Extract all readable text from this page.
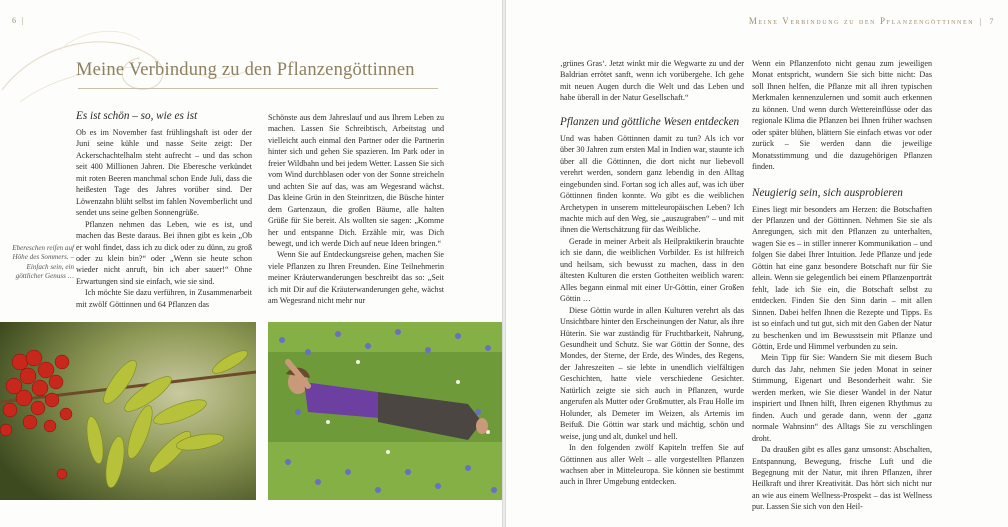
6  |
Meine Verbindung zu den Pflanzengöttinnen
Es ist schön – so, wie es ist

Ob es im November fast frühlingshaft ist oder der Juni seine kühle und nasse Seite zeigt: Der Ackerschachtelhalm steht aufrecht – und das schon seit 400 Millionen Jahren. Die Eberesche verkündet mit roten Beeren manchmal schon Ende Juli, dass die heißesten Tage des Jahres vorüber sind. Der Löwenzahn blüht selbst im fahlen Novemberlicht und sendet uns seine gelben Sonnengrüße.

Pflanzen nehmen das Leben, wie es ist, und machen das Beste daraus. Bei ihnen gibt es kein „Ob er wohl findet, dass ich zu dick oder zu dünn, zu groß oder zu klein bin?“ oder „Wenn sie heute schon wieder nicht anruft, bin ich aber sauer!“ Ohne Erwartungen sind sie einfach, wie sie sind.

Ich möchte Sie dazu verführen, in Zusammenarbeit mit zwölf Göttinnen und 64 Pflanzen das

Schönste aus dem Jahreslauf und aus Ihrem Leben zu machen. Lassen Sie Schreibtisch, Arbeitstag und vielleicht auch einmal den Partner oder die Partnerin hinter sich und gehen Sie spazieren. Im Park oder in freier Wildbahn und bei jedem Wetter. Lassen Sie sich vom Wind durchblasen oder von der Sonne streicheln und achten Sie auf das, was am Wegesrand wächst. Das kleine Grün in den Steinritzen, die Büsche hinter dem Gartenzaun, die großen Bäume, alle halten Grüße für Sie bereit. Als wollten sie sagen: „Komme her und entspanne Dich. Erzähle mir, was Dich bewegt, und ich werde Dich auf neue Ideen bringen.“

Wenn Sie auf Entdeckungsreise gehen, machen Sie viele Pflanzen zu Ihren Freunden. Eine Teilnehmerin meiner Kräuterwanderungen beschreibt das so: „Seit ich mit Dir auf die Kräuterwanderungen gehe, wächst am Wegesrand nicht mehr nur

Ebereschen reifen auf Höhe des Sommers. – Einfach sein, ein göttlicher Genuss …
Meine Verbindung zu den Pflanzengöttinnen  |   7

‚grünes Gras‘. Jetzt winkt mir die Wegwarte zu und der Baldrian errötet sanft, wenn ich vorübergehe. Ich gehe mit neuen Augen durch die Welt und das Leben und habe überall in der Natur Gesellschaft.“

Pflanzen und göttliche Wesen entdecken

Und was haben Göttinnen damit zu tun? Als ich vor über 30 Jahren zum ersten Mal in Indien war, staunte ich über all die Göttinnen, die dort nicht nur liebevoll verehrt werden, sondern ganz lebendig in den Alltag eingebunden sind. Fortan sog ich alles auf, was ich über Göttinnen finden konnte. Wo gibt es die weiblichen Archetypen in unserem mitteleuropäischen Leben? Ich machte mich auf den Weg, sie „auszugraben“ – und mit ihnen die Wertschätzung für das Weibliche.

Gerade in meiner Arbeit als Heilpraktikerin brauchte ich sie dann, die weiblichen Vorbilder. Es ist hilfreich und heilsam, sich bewusst zu machen, dass in den ältesten Kulturen die ersten Gottheiten weiblich waren: Alles begann einmal mit einer Ur-Göttin, einer Großen Göttin …

Diese Göttin wurde in allen Kulturen verehrt als das Unsichtbare hinter den Erscheinungen der Natur, als ihre Hüterin. Sie war zuständig für Fruchtbarkeit, Nahrung, Gesundheit und Schutz. Sie war Göttin der Sonne, des Mondes, der Sterne, der Erde, des Windes, des Regens, der Jahreszeiten – sie lebte in unendlich vielfältigen Geschichten, hatte viele verschiedene Gesichter. Natürlich zeigte sie sich auch in Pflanzen, wurde angerufen als Mutter oder Großmutter, als Frau Holle im Holunder, als Demeter im Weizen, als Artemis im Beifuß. Die Göttin war stark und mächtig, schön und weise, jung und alt, dunkel und hell.

In den folgenden zwölf Kapiteln treffen Sie auf Göttinnen aus aller Welt – alle vorgestellten Pflanzen wachsen aber in Mitteleuropa. Sie können sie bestimmt auch in Ihrer Umgebung entdecken.

Wenn ein Pflanzenfoto nicht genau zum jeweiligen Monat entspricht, wundern Sie sich bitte nicht: Das soll Ihnen helfen, die Pflanze mit all ihren typischen Merkmalen kennenzulernen und somit auch erkennen zu können. Und wenn durch Wettereinflüsse oder das regionale Klima die Pflanzen bei Ihnen früher wachsen oder später blühen, blättern Sie einfach etwas vor oder zurück – Sie werden dann die jeweilige Monatsstimmung und die dazugehörigen Pflanzen finden.

Neugierig sein, sich ausprobieren

Eines liegt mir besonders am Herzen: die Botschaften der Pflanzen und der Göttinnen. Nehmen Sie sie als Anregungen, sich mit den Pflanzen zu unterhalten, wagen Sie es – in stiller innerer Kommunikation – und folgen Sie dabei Ihrer Intuition. Jede Pflanze und jede Göttin hat eine ganz besondere Botschaft nur für Sie allein. Wenn sie gelegentlich bei einem Pflanzenporträt fehlt, lade ich Sie ein, die Botschaft selbst zu entdecken. Finden Sie den Sinn darin – mit allen Sinnen. Dabei helfen Ihnen die Rezepte und Tipps. Es ist so einfach und tut gut, sich mit den Gaben der Natur zu beschenken und im Bewusstsein mit Pflanze und Göttin, Erde und Himmel verbunden zu sein.

Mein Tipp für Sie: Wandern Sie mit diesem Buch durch das Jahr, nehmen Sie jeden Monat in seiner Stimmung, Eigenart und Besonderheit wahr. Sie werden merken, wie Sie dieser Wandel in der Natur inspiriert und Ihnen hilft, Ihren eigenen Rhythmus zu finden. Auch und gerade dann, wenn der „ganz normale Wahnsinn“ des Alltags Sie zu verschlingen droht.

Da draußen gibt es alles ganz umsonst: Abschalten, Entspannung, Bewegung, frische Luft und die Begegnung mit der Natur, mit ihren Pflanzen, ihrer Heilkraft und ihrer Kreativität. Das hört sich nicht nur an wie aus einem Wellness-Prospekt – das ist Wellness pur. Lassen Sie sich von den Heil-
